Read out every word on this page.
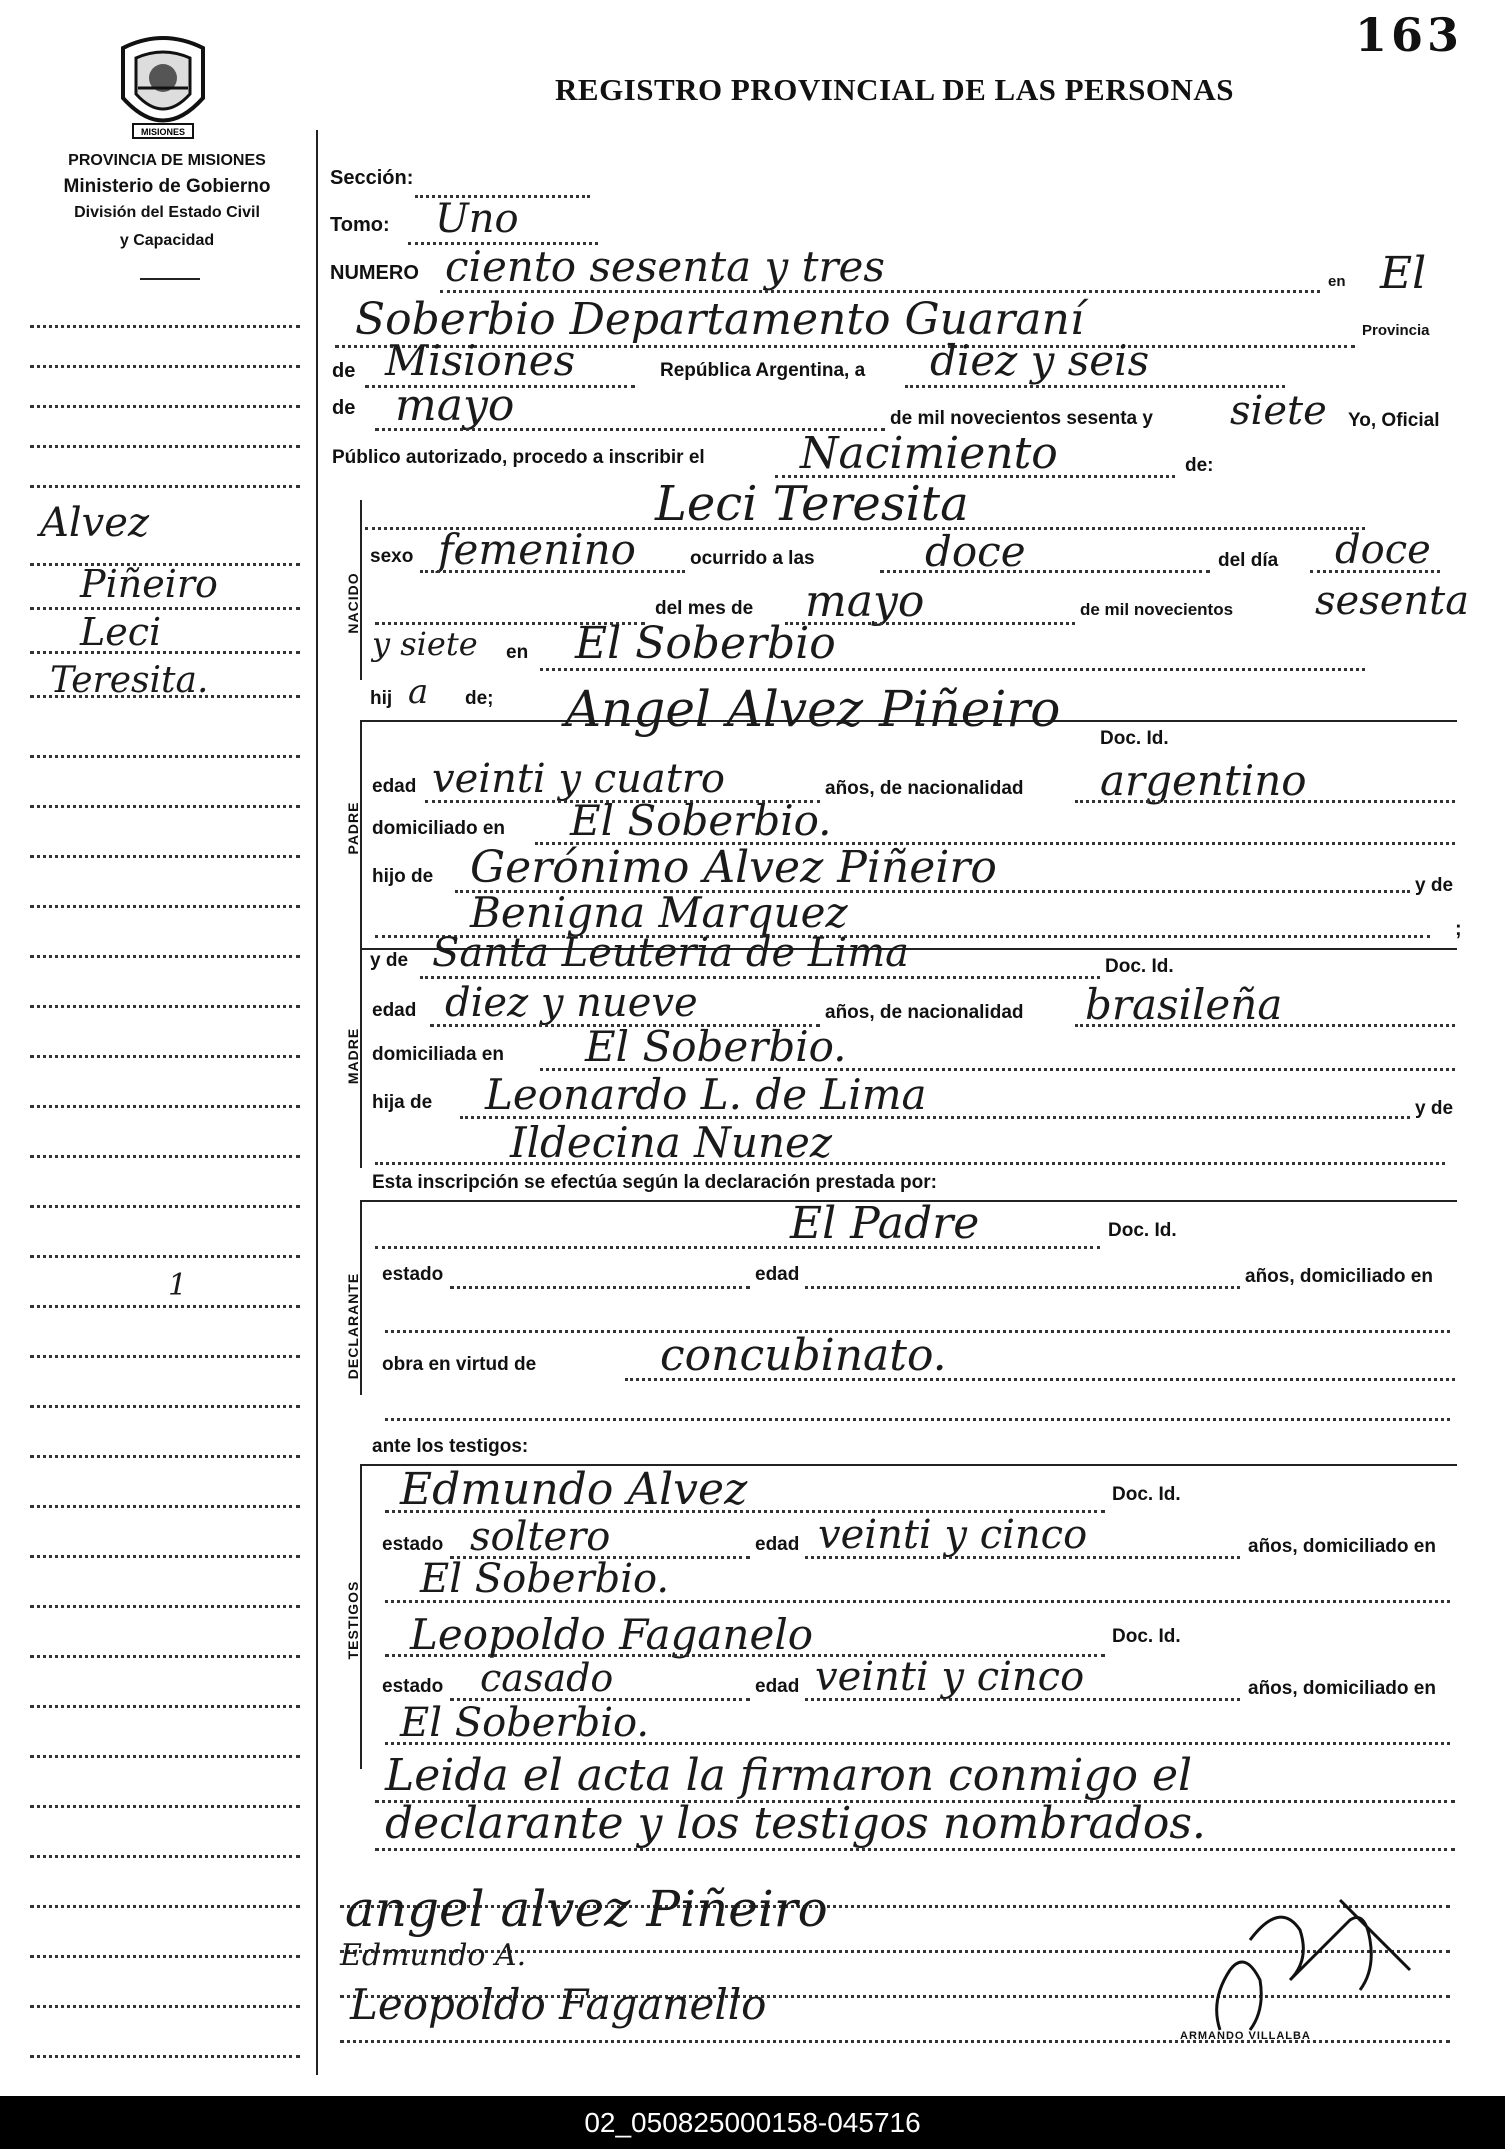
163
MISIONES
PROVINCIA DE MISIONES
Ministerio de Gobierno
División del Estado Civil
y Capacidad
REGISTRO PROVINCIAL DE LAS PERSONAS
Alvez
Piñeiro
Leci
Teresita.
1
Sección:
Tomo: Uno
NUMERO ciento sesenta y tres	en El
Soberbio Departamento Guaraní	Provincia
de Misiones	República Argentina, a diez y seis
de mayo	de mil novecientos sesenta y siete Yo, Oficial
Público autorizado, procedo a inscribir el Nacimiento	de:
Leci Teresita
NACIDO
sexo femenino	ocurrido a las	doce	del día doce
del mes de mayo	de mil novecientos sesenta
y siete en El Soberbio
hij a de;
PADRE
Angel Alvez Piñeiro
Doc. Id.
edad veinti y cuatro	años, de nacionalidad argentino
domiciliado en El Soberbio.
hijo de Gerónimo Alvez Piñeiro	y de
Benigna Marquez	;
MADRE
y de Santa Leuteria de Lima	Doc. Id.
edad diez y nueve	años, de nacionalidad brasileña
domiciliada en El Soberbio.
hija de Leonardo L. de Lima	y de
Ildecina Nunez
Esta inscripción se efectúa según la declaración prestada por:
DECLARANTE
El Padre	Doc. Id.
estado	edad	años, domiciliado en
obra en virtud de	concubinato.
ante los testigos:
TESTIGOS
Edmundo Alvez	Doc. Id.
estado soltero	edad veinti y cinco	años, domiciliado en
El Soberbio.
Leopoldo Faganelo	Doc. Id.
estado casado	edad veinti y cinco	años, domiciliado en
El Soberbio.
Leida el acta la firmaron conmigo el
declarante y los testigos nombrados.
angel alvez Piñeiro
Edmundo A.
Leopoldo Faganello
ARMANDO VILLALBA
02_050825000158-045716
